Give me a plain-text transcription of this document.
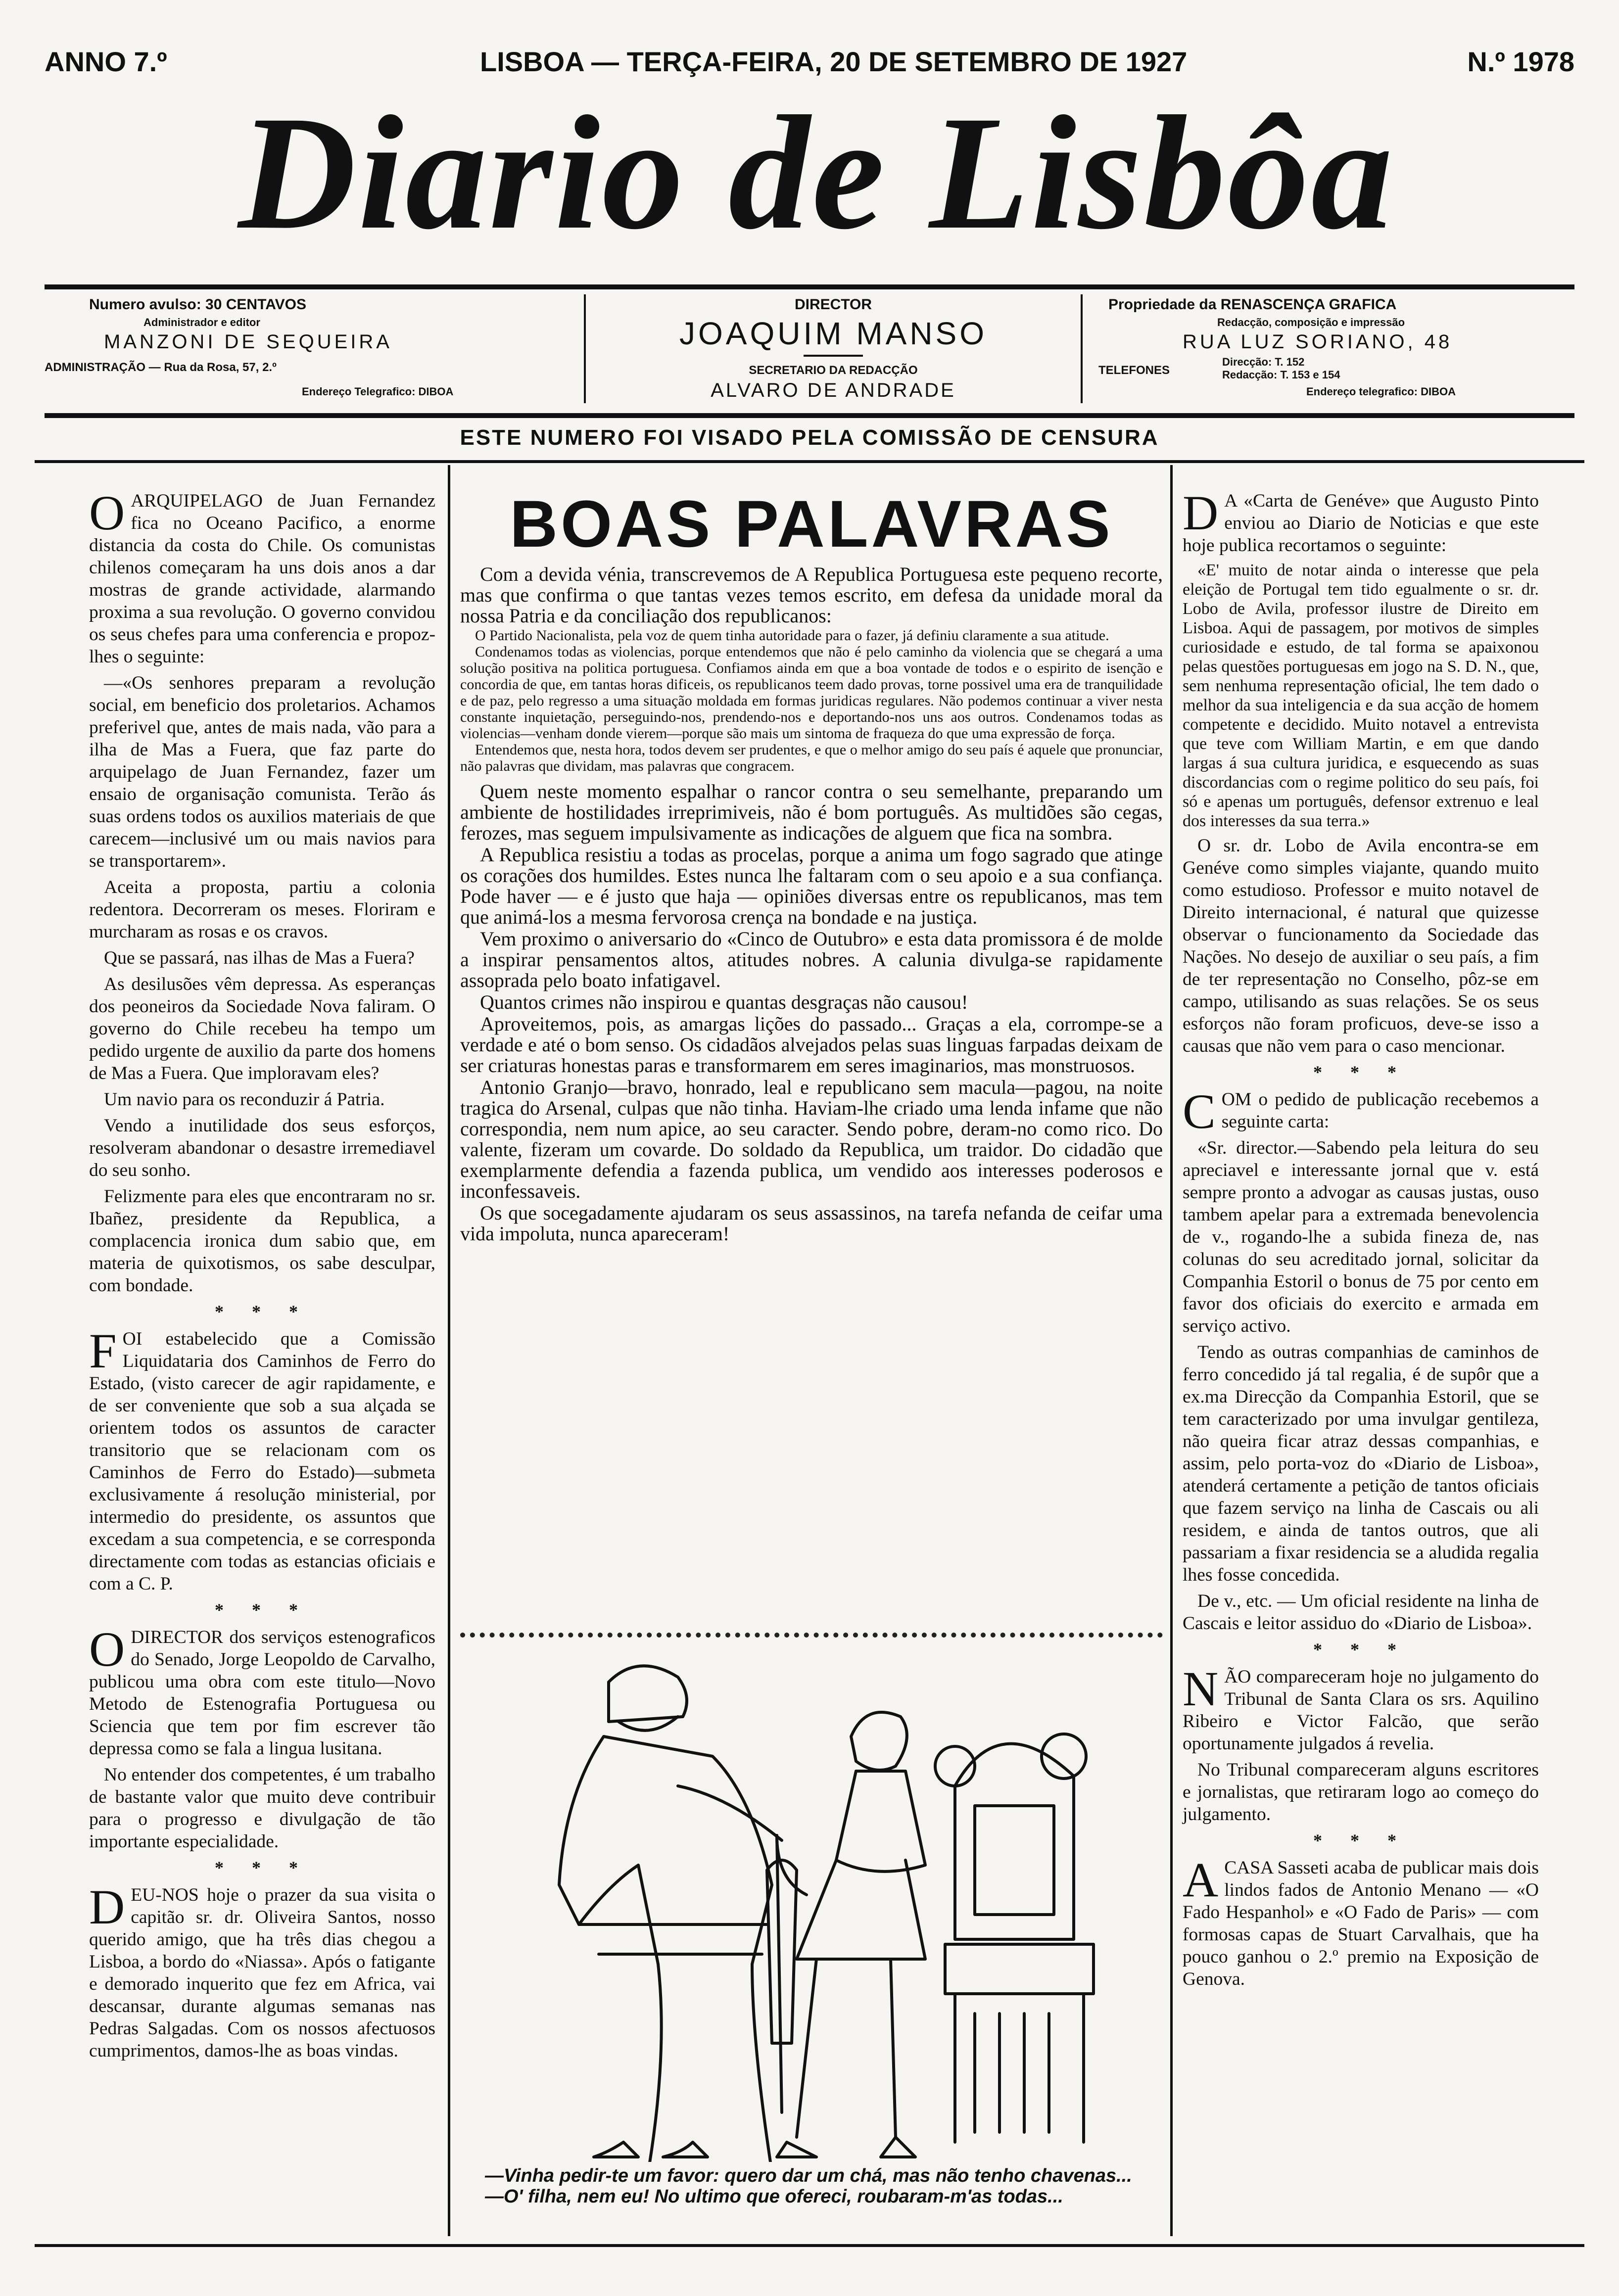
ANNO 7.º	LISBOA — TERÇA-FEIRA, 20 DE SETEMBRO DE 1927	N.º 1978
Diario de Lisbôa
Numero avulso: 30 CENTAVOS
Administrador e editor
MANZONI DE SEQUEIRA
ADMINISTRAÇÃO — Rua da Rosa, 57, 2.º
Endereço Telegrafico: DIBOA
DIRECTOR
JOAQUIM MANSO
SECRETARIO DA REDACÇÃO
ALVARO DE ANDRADE
Propriedade da RENASCENÇA GRAFICA
Redacção, composição e impressão
RUA LUZ SORIANO, 48
TELEFONES
Direcção: T. 152
Redacção: T. 153 e 154
Endereço telegrafico: DIBOA
ESTE NUMERO FOI VISADO PELA COMISSÃO DE CENSURA

OARQUIPELAGO de Juan Fernandez fica no Oceano Pacifico, a enorme distancia da costa do Chile. Os comunistas chilenos começaram ha uns dois anos a dar mostras de grande actividade, alarmando proxima a sua revolução. O governo convidou os seus chefes para uma conferencia e propoz-lhes o seguinte:

—«Os senhores preparam a revolução social, em beneficio dos proletarios. Achamos preferivel que, antes de mais nada, vão para a ilha de Mas a Fuera, que faz parte do arquipelago de Juan Fernandez, fazer um ensaio de organisação comunista. Terão ás suas ordens todos os auxilios materiais de que carecem—inclusivé um ou mais navios para se transportarem».

Aceita a proposta, partiu a colonia redentora. Decorreram os meses. Floriram e murcharam as rosas e os cravos.

Que se passará, nas ilhas de Mas a Fuera?

As desilusões vêm depressa. As esperanças dos peoneiros da Sociedade Nova faliram. O governo do Chile recebeu ha tempo um pedido urgente de auxilio da parte dos homens de Mas a Fuera. Que imploravam eles?

Um navio para os reconduzir á Patria.

Vendo a inutilidade dos seus esforços, resolveram abandonar o desastre irremediavel do seu sonho.

Felizmente para eles que encontraram no sr. Ibañez, presidente da Republica, a complacencia ironica dum sabio que, em materia de quixotismos, os sabe desculpar, com bondade.

* * *

FOI estabelecido que a Comissão Liquidataria dos Caminhos de Ferro do Estado, (visto carecer de agir rapidamente, e de ser conveniente que sob a sua alçada se orientem todos os assuntos de caracter transitorio que se relacionam com os Caminhos de Ferro do Estado)—submeta exclusivamente á resolução ministerial, por intermedio do presidente, os assuntos que excedam a sua competencia, e se corresponda directamente com todas as estancias oficiais e com a C. P.

* * *

ODIRECTOR dos serviços estenograficos do Senado, Jorge Leopoldo de Carvalho, publicou uma obra com este titulo—Novo Metodo de Estenografia Portuguesa ou Sciencia que tem por fim escrever tão depressa como se fala a lingua lusitana.

No entender dos competentes, é um trabalho de bastante valor que muito deve contribuir para o progresso e divulgação de tão importante especialidade.

* * *

DEU-NOS hoje o prazer da sua visita o capitão sr. dr. Oliveira Santos, nosso querido amigo, que ha três dias chegou a Lisboa, a bordo do «Niassa». Após o fatigante e demorado inquerito que fez em Africa, vai descansar, durante algumas semanas nas Pedras Salgadas. Com os nossos afectuosos cumprimentos, damos-lhe as boas vindas.

BOAS PALAVRAS

Com a devida vénia, transcrevemos de A Republica Portuguesa este pequeno recorte, mas que confirma o que tantas vezes temos escrito, em defesa da unidade moral da nossa Patria e da conciliação dos republicanos:

O Partido Nacionalista, pela voz de quem tinha autoridade para o fazer, já definiu claramente a sua atitude.

Condenamos todas as violencias, porque entendemos que não é pelo caminho da violencia que se chegará a uma solução positiva na politica portuguesa. Confiamos ainda em que a boa vontade de todos e o espirito de isenção e concordia de que, em tantas horas dificeis, os republicanos teem dado provas, torne possivel uma era de tranquilidade e de paz, pelo regresso a uma situação moldada em formas juridicas regulares. Não podemos continuar a viver nesta constante inquietação, perseguindo-nos, prendendo-nos e deportando-nos uns aos outros. Condenamos todas as violencias—venham donde vierem—porque são mais um sintoma de fraqueza do que uma expressão de força.

Entendemos que, nesta hora, todos devem ser prudentes, e que o melhor amigo do seu país é aquele que pronunciar, não palavras que dividam, mas palavras que congracem.

Quem neste momento espalhar o rancor contra o seu semelhante, preparando um ambiente de hostilidades irreprimiveis, não é bom português. As multidões são cegas, ferozes, mas seguem impulsivamente as indicações de alguem que fica na sombra.

A Republica resistiu a todas as procelas, porque a anima um fogo sagrado que atinge os corações dos humildes. Estes nunca lhe faltaram com o seu apoio e a sua confiança. Pode haver — e é justo que haja — opiniões diversas entre os republicanos, mas tem que animá-los a mesma fervorosa crença na bondade e na justiça.

Vem proximo o aniversario do «Cinco de Outubro» e esta data promissora é de molde a inspirar pensamentos altos, atitudes nobres. A calunia divulga-se rapidamente assoprada pelo boato infatigavel.

Quantos crimes não inspirou e quantas desgraças não causou!

Aproveitemos, pois, as amargas lições do passado... Graças a ela, corrompe-se a verdade e até o bom senso. Os cidadãos alvejados pelas suas linguas farpadas deixam de ser criaturas honestas paras e transformarem em seres imaginarios, mas monstruosos.

Antonio Granjo—bravo, honrado, leal e republicano sem macula—pagou, na noite tragica do Arsenal, culpas que não tinha. Haviam-lhe criado uma lenda infame que não correspondia, nem num apice, ao seu caracter. Sendo pobre, deram-no como rico. Do valente, fizeram um covarde. Do soldado da Republica, um traidor. Do cidadão que exemplarmente defendia a fazenda publica, um vendido aos interesses poderosos e inconfessaveis.

Os que socegadamente ajudaram os seus assassinos, na tarefa nefanda de ceifar uma vida impoluta, nunca apareceram!

—Vinha pedir-te um favor: quero dar um chá, mas não tenho chavenas...
—O' filha, nem eu! No ultimo que ofereci, roubaram-m'as todas...

D A «Carta de Genéve» que Augusto Pinto enviou ao Diario de Noticias e que este hoje publica recortamos o seguinte:

«E' muito de notar ainda o interesse que pela eleição de Portugal tem tido egualmente o sr. dr. Lobo de Avila, professor ilustre de Direito em Lisboa. Aqui de passagem, por motivos de simples curiosidade e estudo, de tal forma se apaixonou pelas questões portuguesas em jogo na S. D. N., que, sem nenhuma representação oficial, lhe tem dado o melhor da sua inteligencia e da sua acção de homem competente e decidido. Muito notavel a entrevista que teve com William Martin, e em que dando largas á sua cultura juridica, e esquecendo as suas discordancias com o regime politico do seu país, foi só e apenas um português, defensor extrenuo e leal dos interesses da sua terra.»

O sr. dr. Lobo de Avila encontra-se em Genéve como simples viajante, quando muito como estudioso. Professor e muito notavel de Direito internacional, é natural que quizesse observar o funcionamento da Sociedade das Nações. No desejo de auxiliar o seu país, a fim de ter representação no Conselho, pôz-se em campo, utilisando as suas relações. Se os seus esforços não foram proficuos, deve-se isso a causas que não vem para o caso mencionar.

* * *

COM o pedido de publicação recebemos a seguinte carta:

«Sr. director.—Sabendo pela leitura do seu apreciavel e interessante jornal que v. está sempre pronto a advogar as causas justas, ouso tambem apelar para a extremada benevolencia de v., rogando-lhe a subida fineza de, nas colunas do seu acreditado jornal, solicitar da Companhia Estoril o bonus de 75 por cento em favor dos oficiais do exercito e armada em serviço activo.

Tendo as outras companhias de caminhos de ferro concedido já tal regalia, é de supôr que a ex.ma Direcção da Companhia Estoril, que se tem caracterizado por uma invulgar gentileza, não queira ficar atraz dessas companhias, e assim, pelo porta-voz do «Diario de Lisboa», atenderá certamente a petição de tantos oficiais que fazem serviço na linha de Cascais ou ali residem, e ainda de tantos outros, que ali passariam a fixar residencia se a aludida regalia lhes fosse concedida.

De v., etc. — Um oficial residente na linha de Cascais e leitor assiduo do «Diario de Lisboa».

* * *

NÃO compareceram hoje no julgamento do Tribunal de Santa Clara os srs. Aquilino Ribeiro e Victor Falcão, que serão oportunamente julgados á revelia.

No Tribunal compareceram alguns escritores e jornalistas, que retiraram logo ao começo do julgamento.

* * *

ACASA Sasseti acaba de publicar mais dois lindos fados de Antonio Menano — «O Fado Hespanhol» e «O Fado de Paris» — com formosas capas de Stuart Carvalhais, que ha pouco ganhou o 2.º premio na Exposição de Genova.
